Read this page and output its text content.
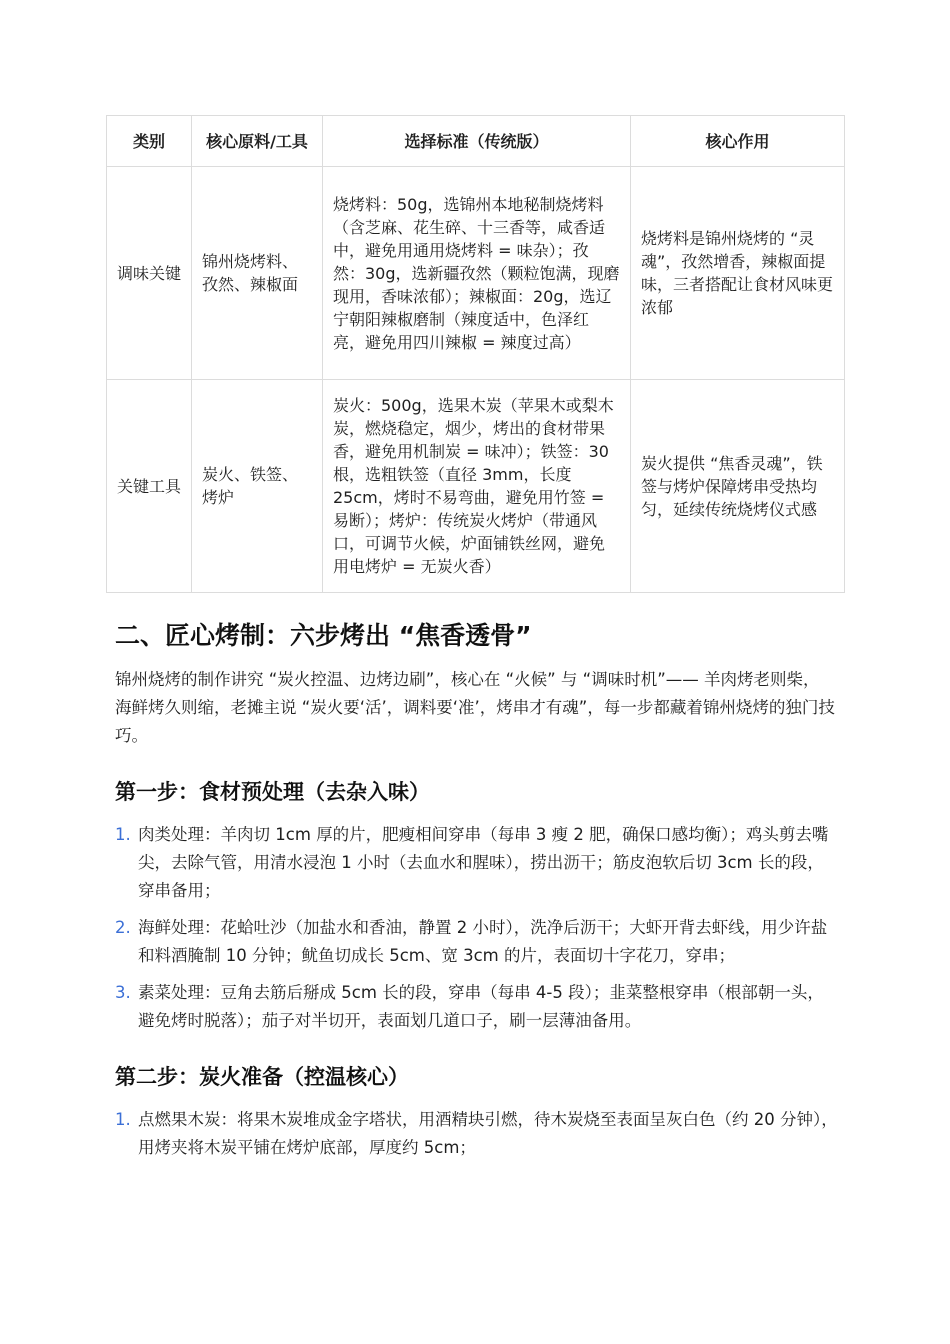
类别	核心原料/工具	选择标准（传统版）	核心作用
调味关键	锦州烧烤料、孜然、辣椒面	烧烤料：50g，选锦州本地秘制烧烤料（含芝麻、花生碎、十三香等，咸香适中，避免用通用烧烤料 = 味杂）；孜然：30g，选新疆孜然（颗粒饱满，现磨现用，香味浓郁）；辣椒面：20g，选辽宁朝阳辣椒磨制（辣度适中，色泽红亮，避免用四川辣椒 = 辣度过高）	烧烤料是锦州烧烤的 “灵魂”，孜然增香，辣椒面提味，三者搭配让食材风味更浓郁
关键工具	炭火、铁签、烤炉	炭火：500g，选果木炭（苹果木或梨木炭，燃烧稳定，烟少，烤出的食材带果香，避免用机制炭 = 味冲）；铁签：30 根，选粗铁签（直径 3mm，长度 25cm，烤时不易弯曲，避免用竹签 = 易断）；烤炉：传统炭火烤炉（带通风口，可调节火候，炉面铺铁丝网，避免用电烤炉 = 无炭火香）	炭火提供 “焦香灵魂”，铁签与烤炉保障烤串受热均匀，延续传统烧烤仪式感
二、匠心烤制：六步烤出 “焦香透骨”

锦州烧烤的制作讲究 “炭火控温、边烤边刷”，核心在 “火候” 与 “调味时机”—— 羊肉烤老则柴，海鲜烤久则缩，老摊主说 “炭火要‘活’，调料要‘准’，烤串才有魂”，每一步都藏着锦州烧烤的独门技巧。

第一步：食材预处理（去杂入味）
1. 肉类处理：羊肉切 1cm 厚的片，肥瘦相间穿串（每串 3 瘦 2 肥，确保口感均衡）；鸡头剪去嘴尖，去除气管，用清水浸泡 1 小时（去血水和腥味），捞出沥干；筋皮泡软后切 3cm 长的段，穿串备用；
2. 海鲜处理：花蛤吐沙（加盐水和香油，静置 2 小时），洗净后沥干；大虾开背去虾线，用少许盐和料酒腌制 10 分钟；鱿鱼切成长 5cm、宽 3cm 的片，表面切十字花刀，穿串；
3. 素菜处理：豆角去筋后掰成 5cm 长的段，穿串（每串 4-5 段）；韭菜整根穿串（根部朝一头，避免烤时脱落）；茄子对半切开，表面划几道口子，刷一层薄油备用。
第二步：炭火准备（控温核心）
1. 点燃果木炭：将果木炭堆成金字塔状，用酒精块引燃，待木炭烧至表面呈灰白色（约 20 分钟），用烤夹将木炭平铺在烤炉底部，厚度约 5cm；
